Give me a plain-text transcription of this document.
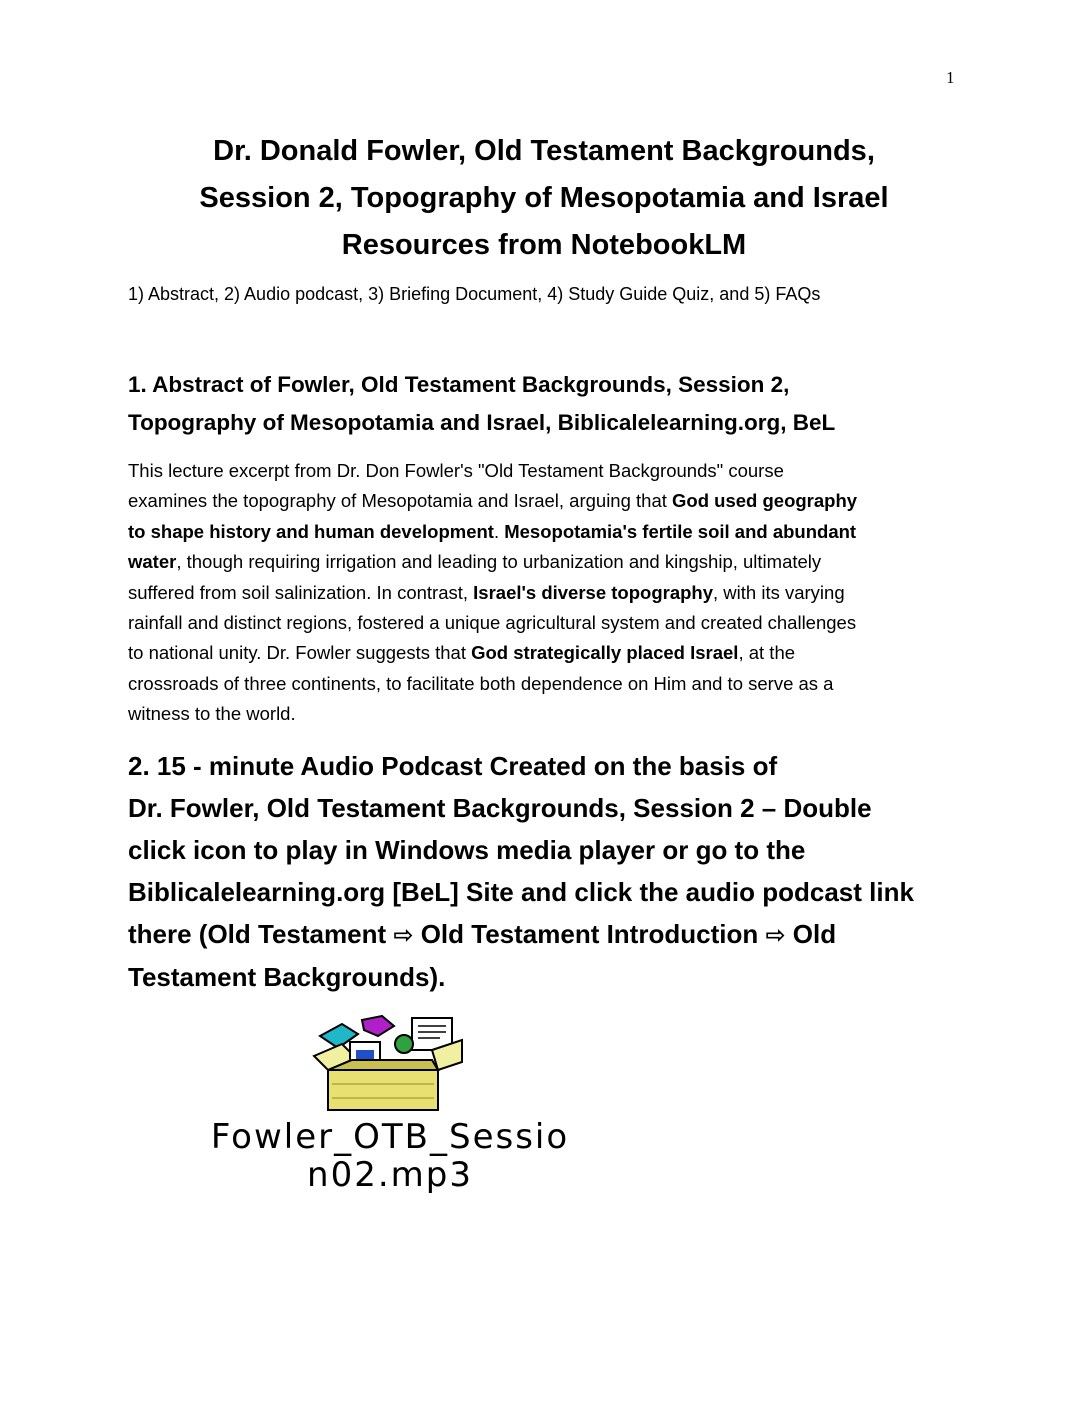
1
Dr. Donald Fowler, Old Testament Backgrounds,
Session 2, Topography of Mesopotamia and Israel
Resources from NotebookLM
1) Abstract, 2) Audio podcast, 3) Briefing Document, 4) Study Guide Quiz, and 5) FAQs
1. Abstract of Fowler, Old Testament Backgrounds, Session 2,
Topography of Mesopotamia and Israel, Biblicalelearning.org, BeL
This lecture excerpt from Dr. Don Fowler's "Old Testament Backgrounds" course
examines the topography of Mesopotamia and Israel, arguing that God used geography
to shape history and human development. Mesopotamia's fertile soil and abundant
water, though requiring irrigation and leading to urbanization and kingship, ultimately
suffered from soil salinization. In contrast, Israel's diverse topography, with its varying
rainfall and distinct regions, fostered a unique agricultural system and created challenges
to national unity. Dr. Fowler suggests that God strategically placed Israel, at the
crossroads of three continents, to facilitate both dependence on Him and to serve as a
witness to the world.
2. 15 - minute Audio Podcast Created on the basis of
Dr. Fowler, Old Testament Backgrounds, Session 2 – Double
click icon to play in Windows media player or go to the
Biblicalelearning.org [BeL] Site and click the audio podcast link
there (Old Testament ⇨ Old Testament Introduction ⇨ Old
Testament Backgrounds).
Fowler_OTB_Sessio
n02.mp3
